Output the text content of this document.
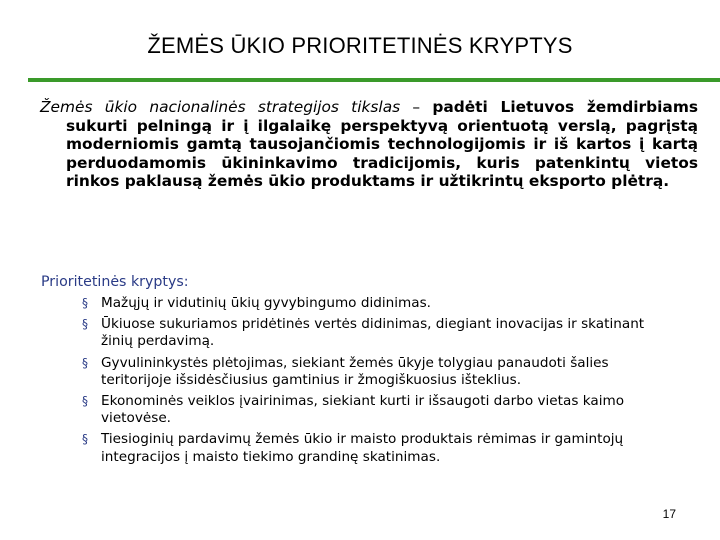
ŽEMĖS ŪKIO PRIORITETINĖS KRYPTYS

Žemės ūkio nacionalinės strategijos tikslas – padėti Lietuvos žemdirbiams sukurti pelningą ir į ilgalaikę perspektyvą orientuotą verslą, pagrįstą moderniomis gamtą tausojančiomis technologijomis ir iš kartos į kartą perduodamomis ūkininkavimo tradicijomis, kuris patenkintų vietos rinkos paklausą žemės ūkio produktams ir užtikrintų eksporto plėtrą.

Prioritetinės kryptys:
§ Mažųjų ir vidutinių ūkių gyvybingumo didinimas.
§ Ūkiuose sukuriamos pridėtinės vertės didinimas, diegiant inovacijas ir skatinant žinių perdavimą.
§ Gyvulininkystės plėtojimas, siekiant žemės ūkyje tolygiau panaudoti šalies teritorijoje išsidėsčiusius gamtinius ir žmogiškuosius išteklius.
§ Ekonominės veiklos įvairinimas, siekiant kurti ir išsaugoti darbo vietas kaimo vietovėse.
§ Tiesioginių pardavimų žemės ūkio ir maisto produktais rėmimas ir gamintojų integracijos į maisto tiekimo grandinę skatinimas.
17
